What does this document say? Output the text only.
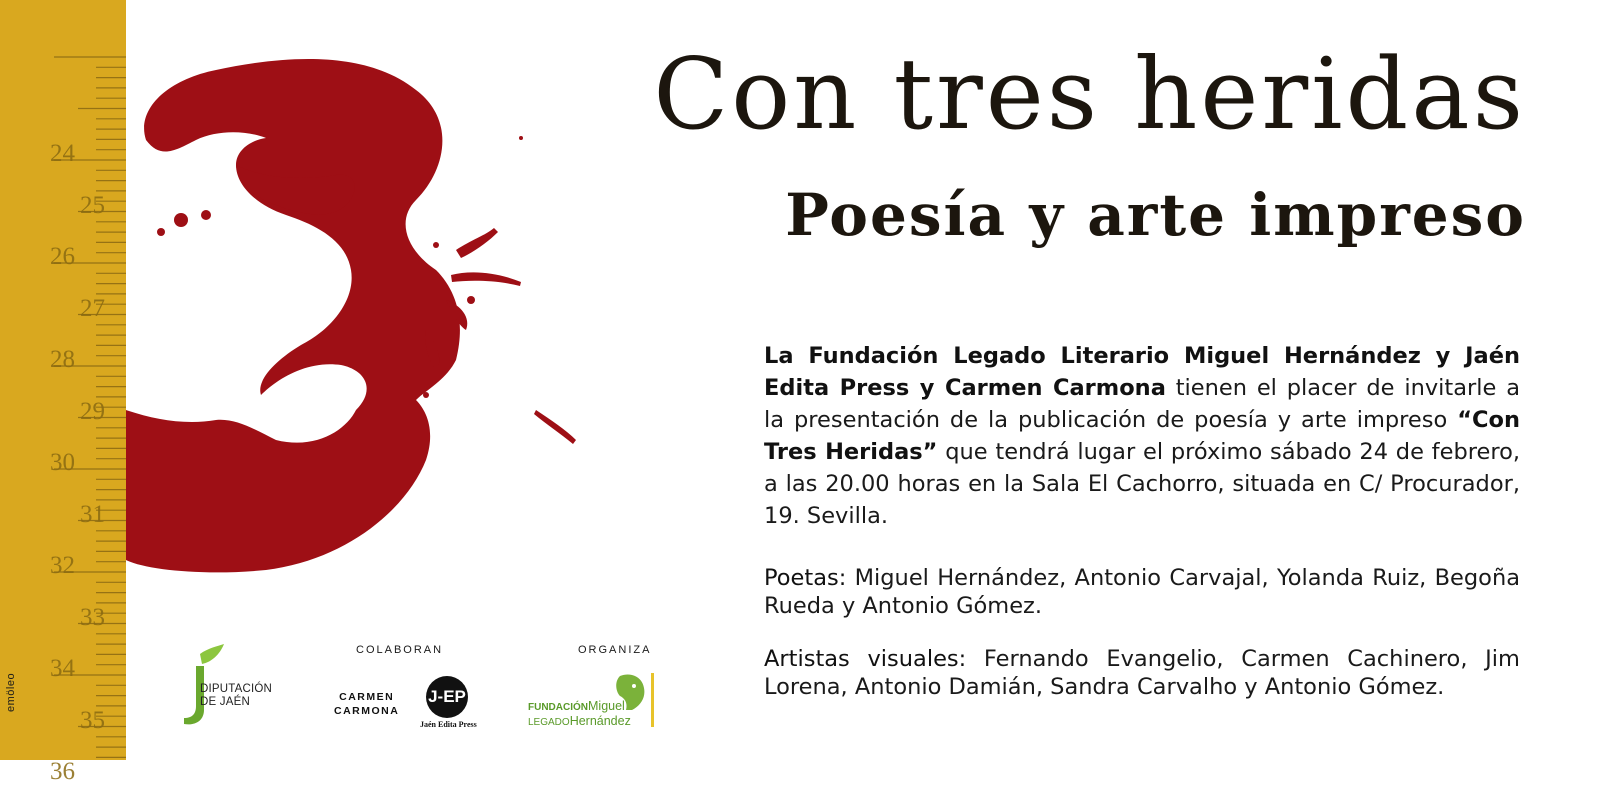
24
25
26
27
28
29
30
31
32
33
34
35
36
emöleo
Con tres heridas
Poesía y arte impreso

La Fundación Legado Literario Miguel Hernández y Jaén Edita Press y Carmen Carmona tienen el placer de invitarle a la presentación de la publicación de poesía y arte impreso “Con Tres Heridas” que tendrá lugar el próximo sábado 24 de febrero, a las 20.00 horas en la Sala El Cachorro, situada en C/ Procurador, 19. Sevilla.

Poetas: Miguel Hernández, Antonio Carvajal, Yolanda Ruiz, Begoña Rueda y Antonio Gómez.
Artistas visuales: Fernando Evangelio, Carmen Cachinero, Jim Lorena, Antonio Damián, Sandra Carvalho y Antonio Gómez.
DIPUTACIÓN
DE JAÉN
COLABORAN	ORGANIZA
CARMEN
CARMONA
J-EP
Jaén Edita Press
FUNDACIÓNMiguel
LEGADOHernández
